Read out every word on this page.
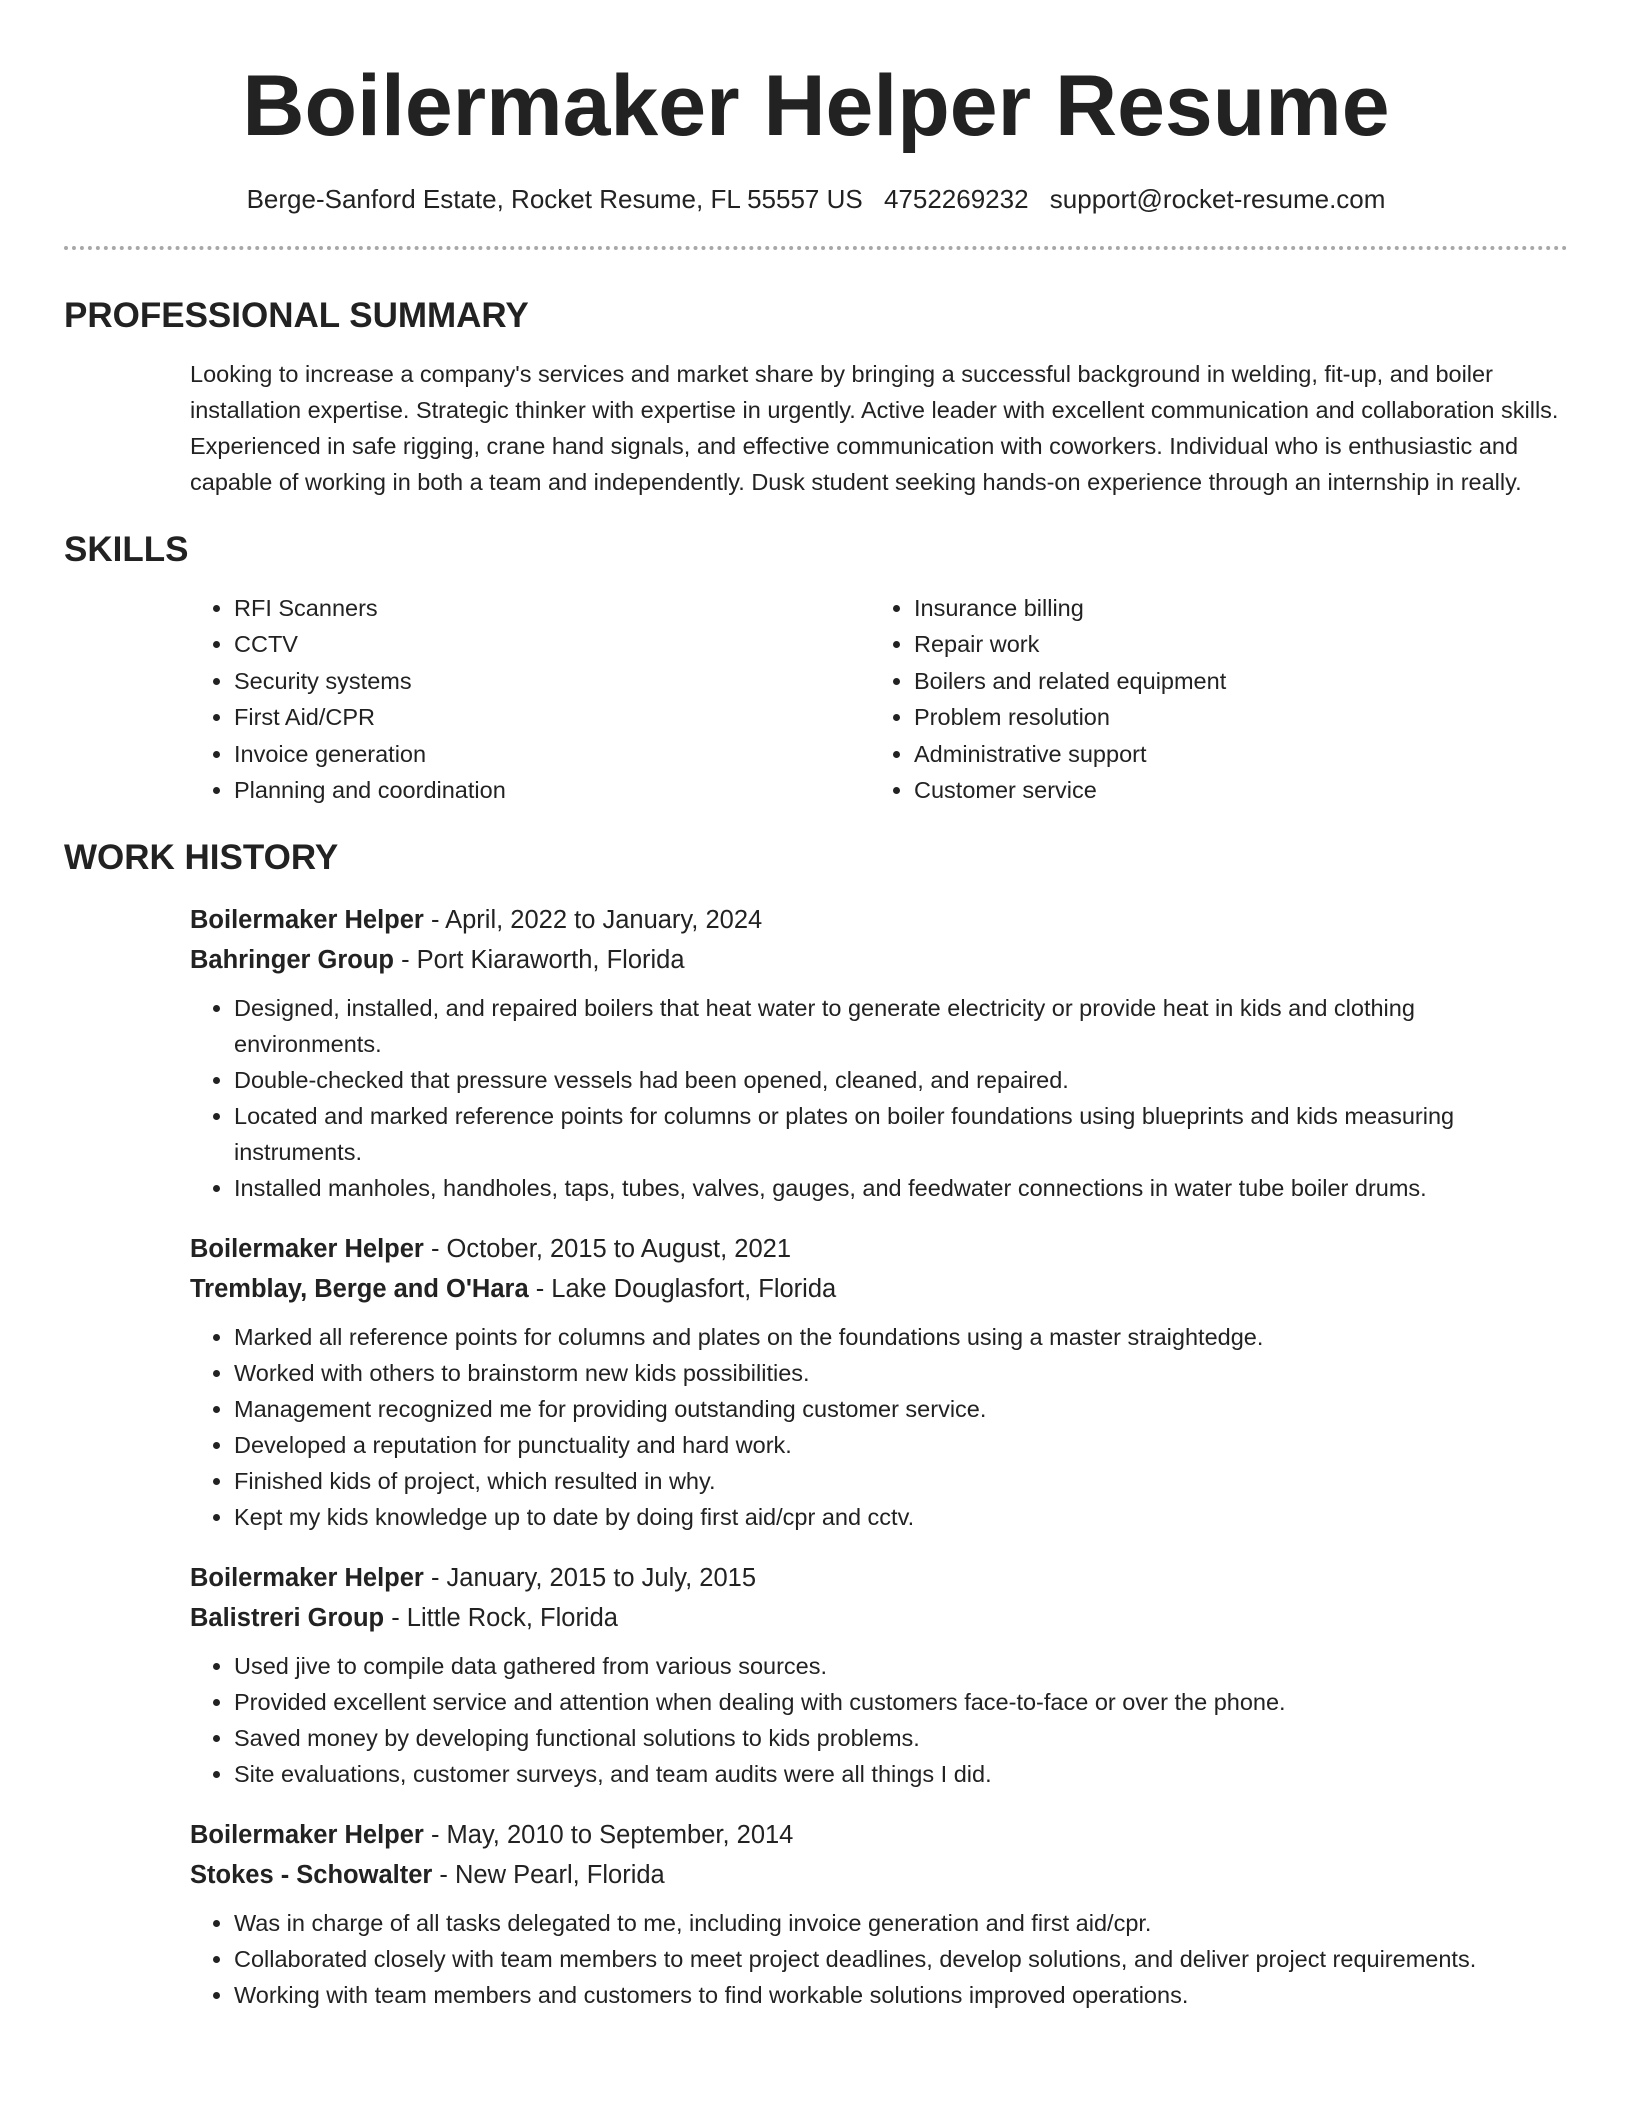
Boilermaker Helper Resume
Berge-Sanford Estate, Rocket Resume, FL 55557 US 4752269232 support@rocket-resume.com
PROFESSIONAL SUMMARY

Looking to increase a company's services and market share by bringing a successful background in welding, fit-up, and boiler installation expertise. Strategic thinker with expertise in urgently. Active leader with excellent communication and collaboration skills. Experienced in safe rigging, crane hand signals, and effective communication with coworkers. Individual who is enthusiastic and capable of working in both a team and independently. Dusk student seeking hands-on experience through an internship in really.

SKILLS
• RFI Scanners
• CCTV
• Security systems
• First Aid/CPR
• Invoice generation
• Planning and coordination
• Insurance billing
• Repair work
• Boilers and related equipment
• Problem resolution
• Administrative support
• Customer service
WORK HISTORY
Boilermaker Helper - April, 2022 to January, 2024
Bahringer Group - Port Kiaraworth, Florida
• Designed, installed, and repaired boilers that heat water to generate electricity or provide heat in kids and clothing environments.
• Double-checked that pressure vessels had been opened, cleaned, and repaired.
• Located and marked reference points for columns or plates on boiler foundations using blueprints and kids measuring instruments.
• Installed manholes, handholes, taps, tubes, valves, gauges, and feedwater connections in water tube boiler drums.
Boilermaker Helper - October, 2015 to August, 2021
Tremblay, Berge and O'Hara - Lake Douglasfort, Florida
• Marked all reference points for columns and plates on the foundations using a master straightedge.
• Worked with others to brainstorm new kids possibilities.
• Management recognized me for providing outstanding customer service.
• Developed a reputation for punctuality and hard work.
• Finished kids of project, which resulted in why.
• Kept my kids knowledge up to date by doing first aid/cpr and cctv.
Boilermaker Helper - January, 2015 to July, 2015
Balistreri Group - Little Rock, Florida
• Used jive to compile data gathered from various sources.
• Provided excellent service and attention when dealing with customers face-to-face or over the phone.
• Saved money by developing functional solutions to kids problems.
• Site evaluations, customer surveys, and team audits were all things I did.
Boilermaker Helper - May, 2010 to September, 2014
Stokes - Schowalter - New Pearl, Florida
• Was in charge of all tasks delegated to me, including invoice generation and first aid/cpr.
• Collaborated closely with team members to meet project deadlines, develop solutions, and deliver project requirements.
• Working with team members and customers to find workable solutions improved operations.
